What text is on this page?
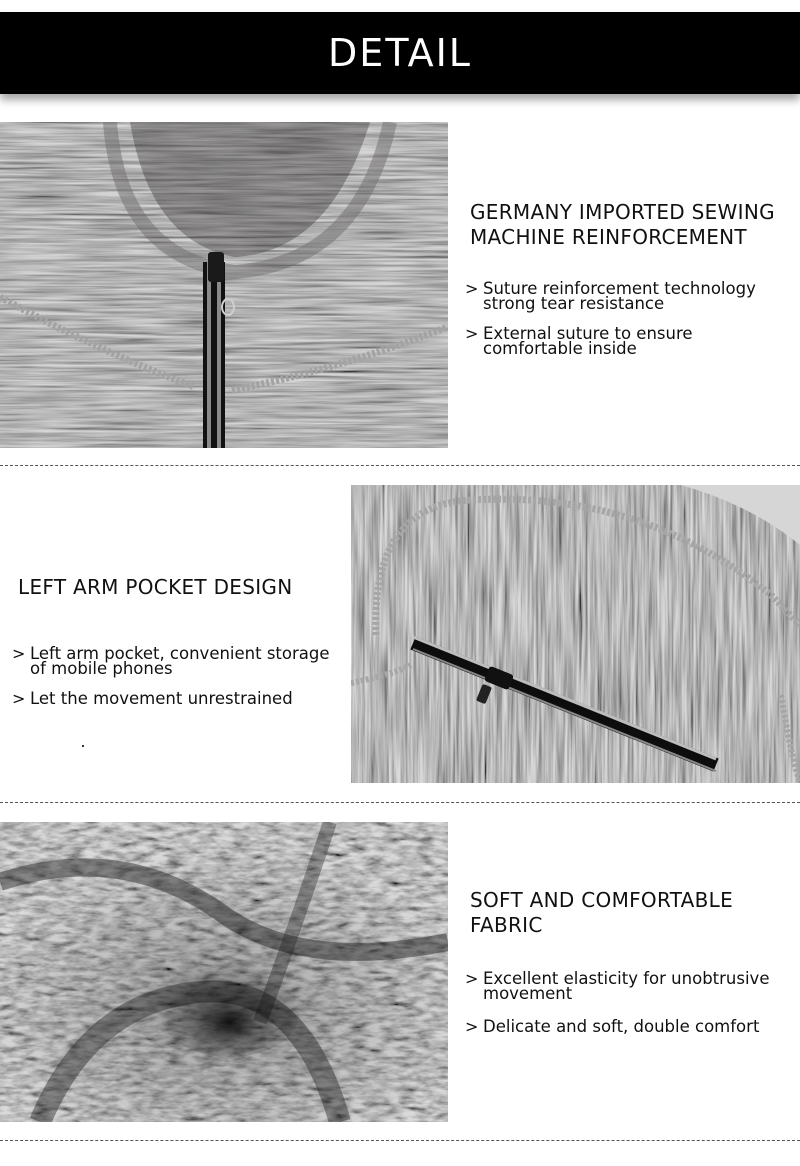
DETAIL
GERMANY IMPORTED SEWING
MACHINE REINFORCEMENT
> Suture reinforcement technology
strong tear resistance
> External suture to ensure
comfortable inside
LEFT ARM POCKET DESIGN
> Left arm pocket, convenient storage
of mobile phones
> Let the movement unrestrained
SOFT AND COMFORTABLE
FABRIC
> Excellent elasticity for unobtrusive
movement
> Delicate and soft, double comfort
